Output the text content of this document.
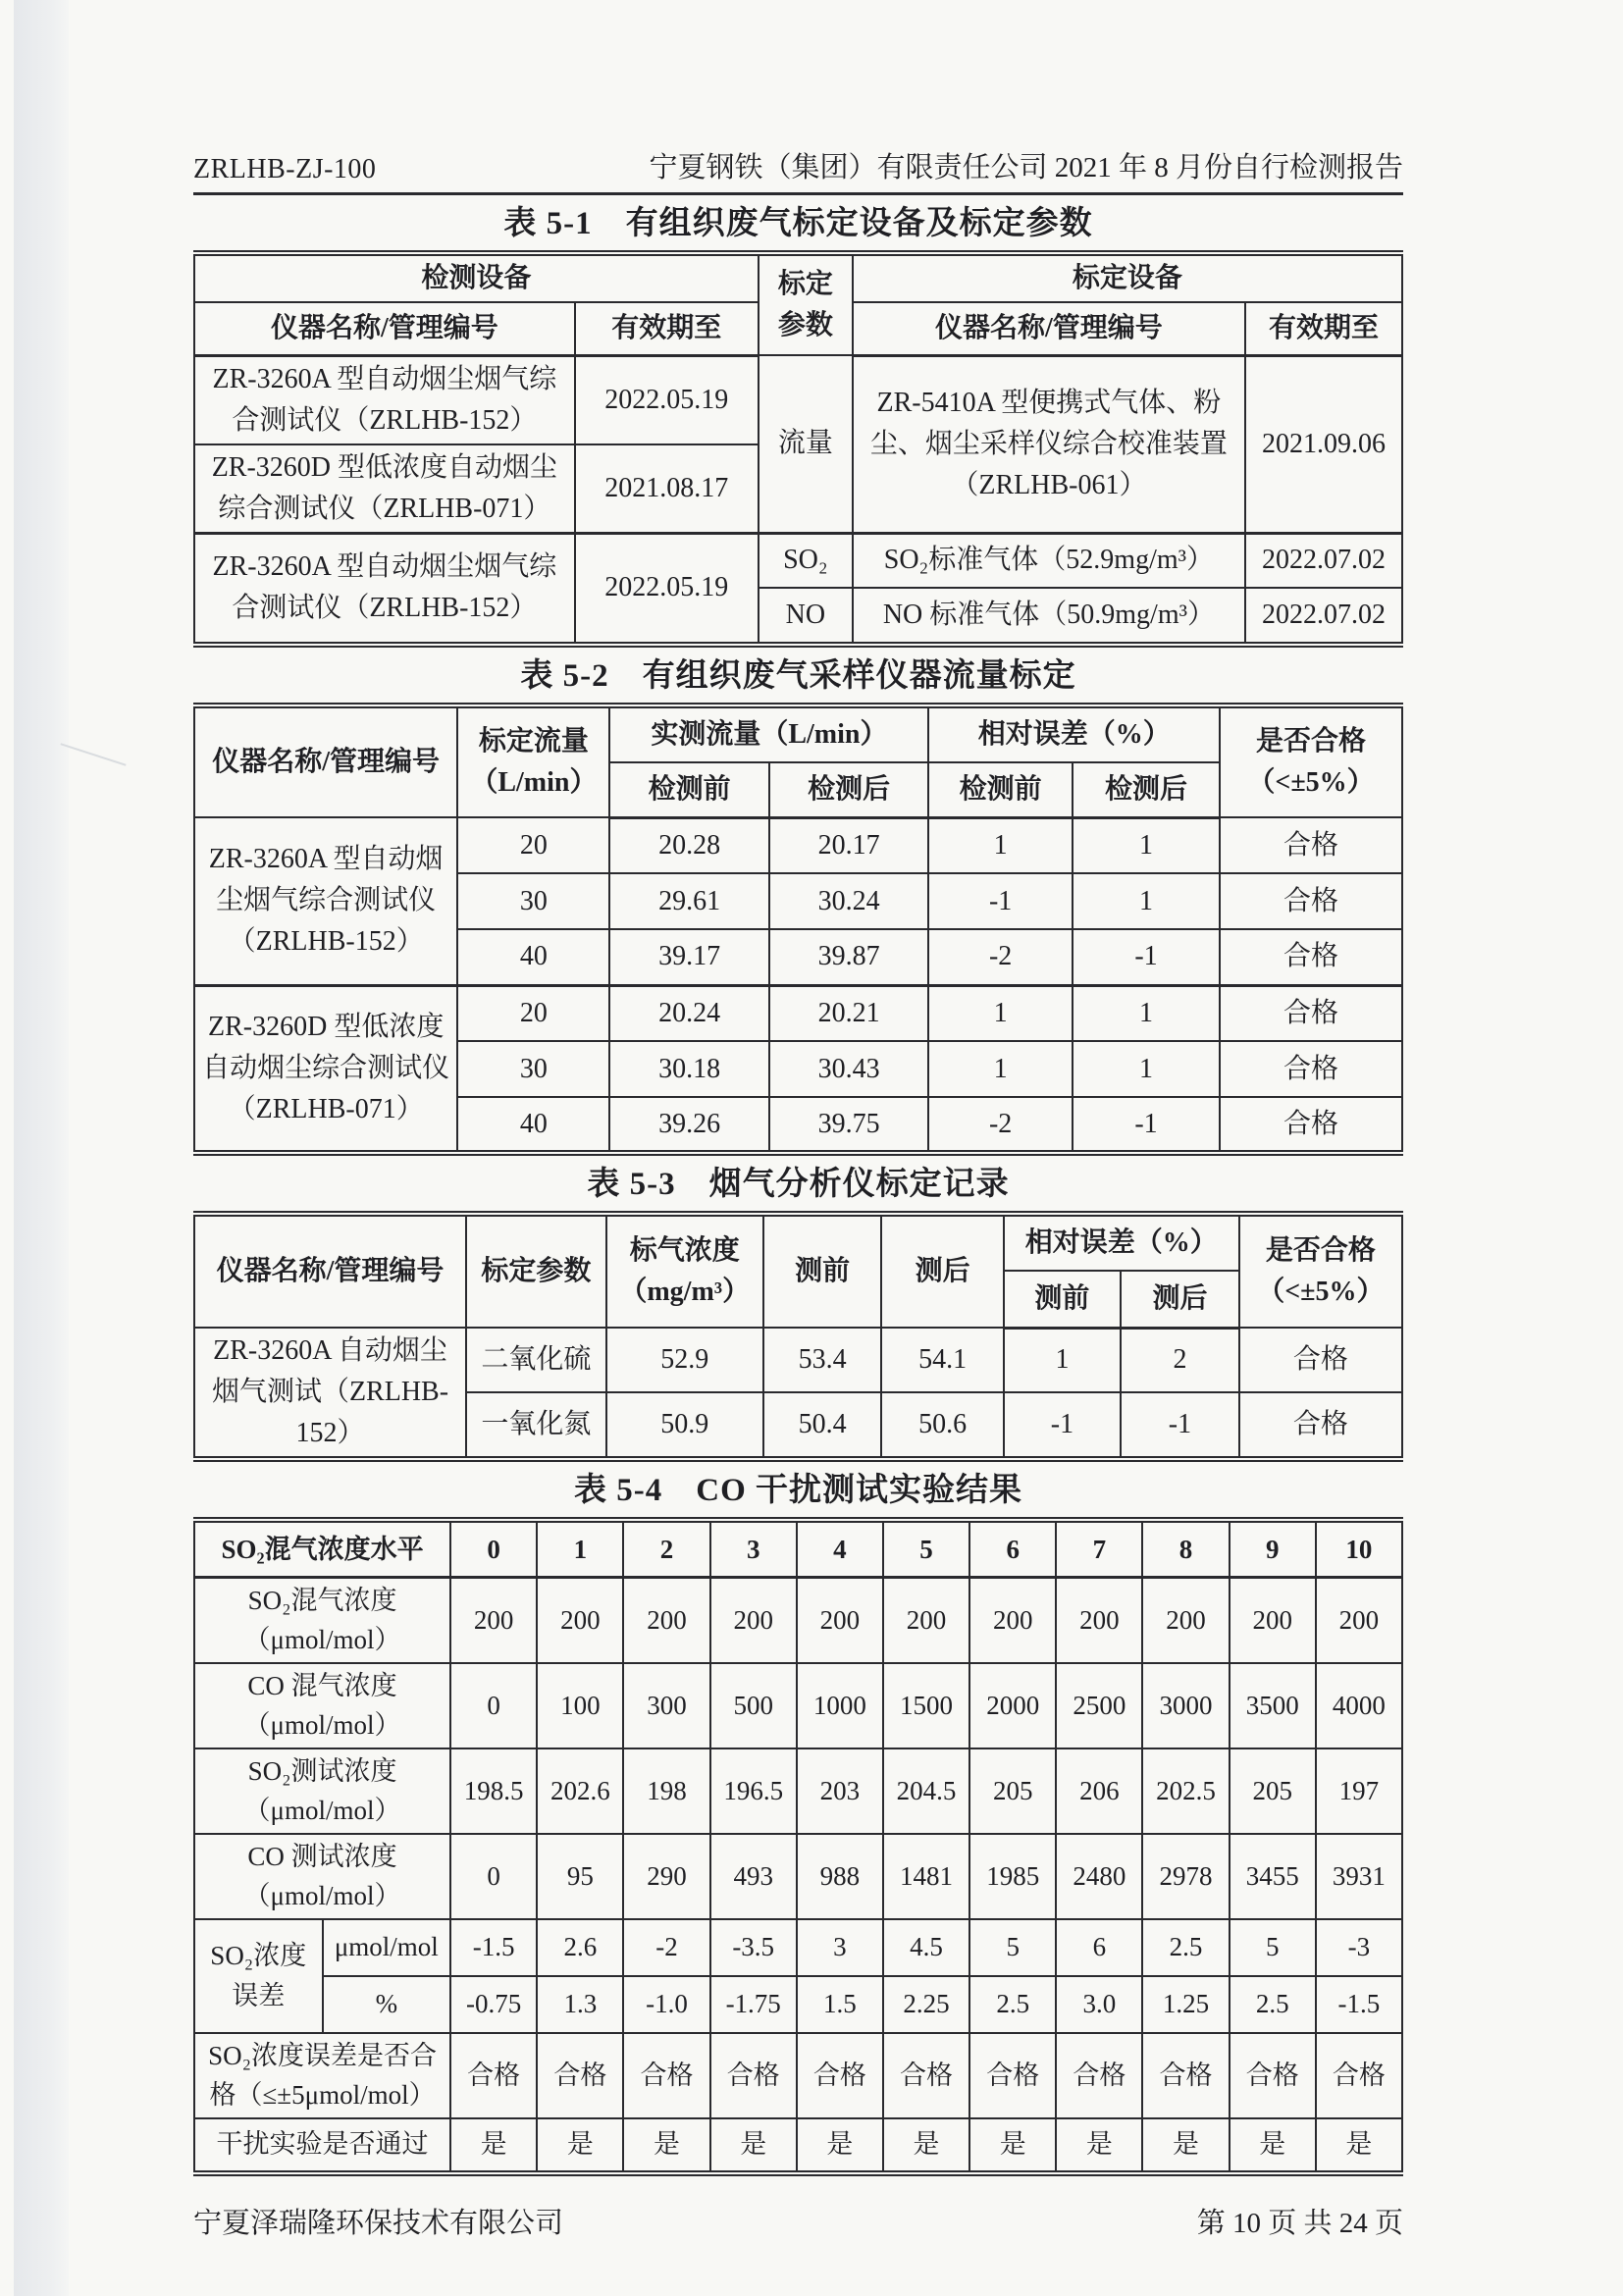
ZRLHB-ZJ-100	宁夏钢铁（集团）有限责任公司 2021 年 8 月份自行检测报告
表 5-1　有组织废气标定设备及标定参数
检测设备		标定参数	标定设备	
仪器名称/管理编号	有效期至		仪器名称/管理编号	有效期至
ZR-3260A 型自动烟尘烟气综合测试仪（ZRLHB-152）	2022.05.19	流量	ZR-5410A 型便携式气体、粉尘、烟尘采样仪综合校准装置（ZRLHB-061）	2021.09.06
ZR-3260D 型低浓度自动烟尘综合测试仪（ZRLHB-071）	2021.08.17			
ZR-3260A 型自动烟尘烟气综合测试仪（ZRLHB-152）	2022.05.19	SO₂	SO₂标准气体（52.9mg/m³）	2022.07.02
		NO	NO 标准气体（50.9mg/m³）	2022.07.02
表 5-2　有组织废气采样仪器流量标定
仪器名称/管理编号	标定流量（L/min）	实测流量（L/min）		相对误差（%）		是否合格（<±5%）
		检测前	检测后	检测前	检测后	
ZR-3260A 型自动烟尘烟气综合测试仪（ZRLHB-152）	20	20.28	20.17	1	1	合格
	30	29.61	30.24	-1	1	合格
	40	39.17	39.87	-2	-1	合格
ZR-3260D 型低浓度自动烟尘综合测试仪（ZRLHB-071）	20	20.24	20.21	1	1	合格
	30	30.18	30.43	1	1	合格
	40	39.26	39.75	-2	-1	合格
表 5-3　烟气分析仪标定记录
仪器名称/管理编号	标定参数	标气浓度（mg/m³）	测前	测后	相对误差（%）		是否合格（<±5%）
					测前	测后	
ZR-3260A 自动烟尘烟气测试（ZRLHB-152）	二氧化硫	52.9	53.4	54.1	1	2	合格
	一氧化氮	50.9	50.4	50.6	-1	-1	合格
表 5-4　CO 干扰测试实验结果
SO₂混气浓度水平		0	1	2	3	4	5	6	7	8	9	10
SO₂混气浓度（μmol/mol）		200	200	200	200	200	200	200	200	200	200	200
CO 混气浓度（μmol/mol）		0	100	300	500	1000	1500	2000	2500	3000	3500	4000
SO₂测试浓度（μmol/mol）		198.5	202.6	198	196.5	203	204.5	205	206	202.5	205	197
CO 测试浓度（μmol/mol）		0	95	290	493	988	1481	1985	2480	2978	3455	3931
SO₂浓度误差	μmol/mol	-1.5	2.6	-2	-3.5	3	4.5	5	6	2.5	5	-3
	%	-0.75	1.3	-1.0	-1.75	1.5	2.25	2.5	3.0	1.25	2.5	-1.5
SO₂浓度误差是否合格（≤±5μmol/mol）		合格	合格	合格	合格	合格	合格	合格	合格	合格	合格	合格
干扰实验是否通过		是	是	是	是	是	是	是	是	是	是	是
宁夏泽瑞隆环保技术有限公司	第 10 页 共 24 页
